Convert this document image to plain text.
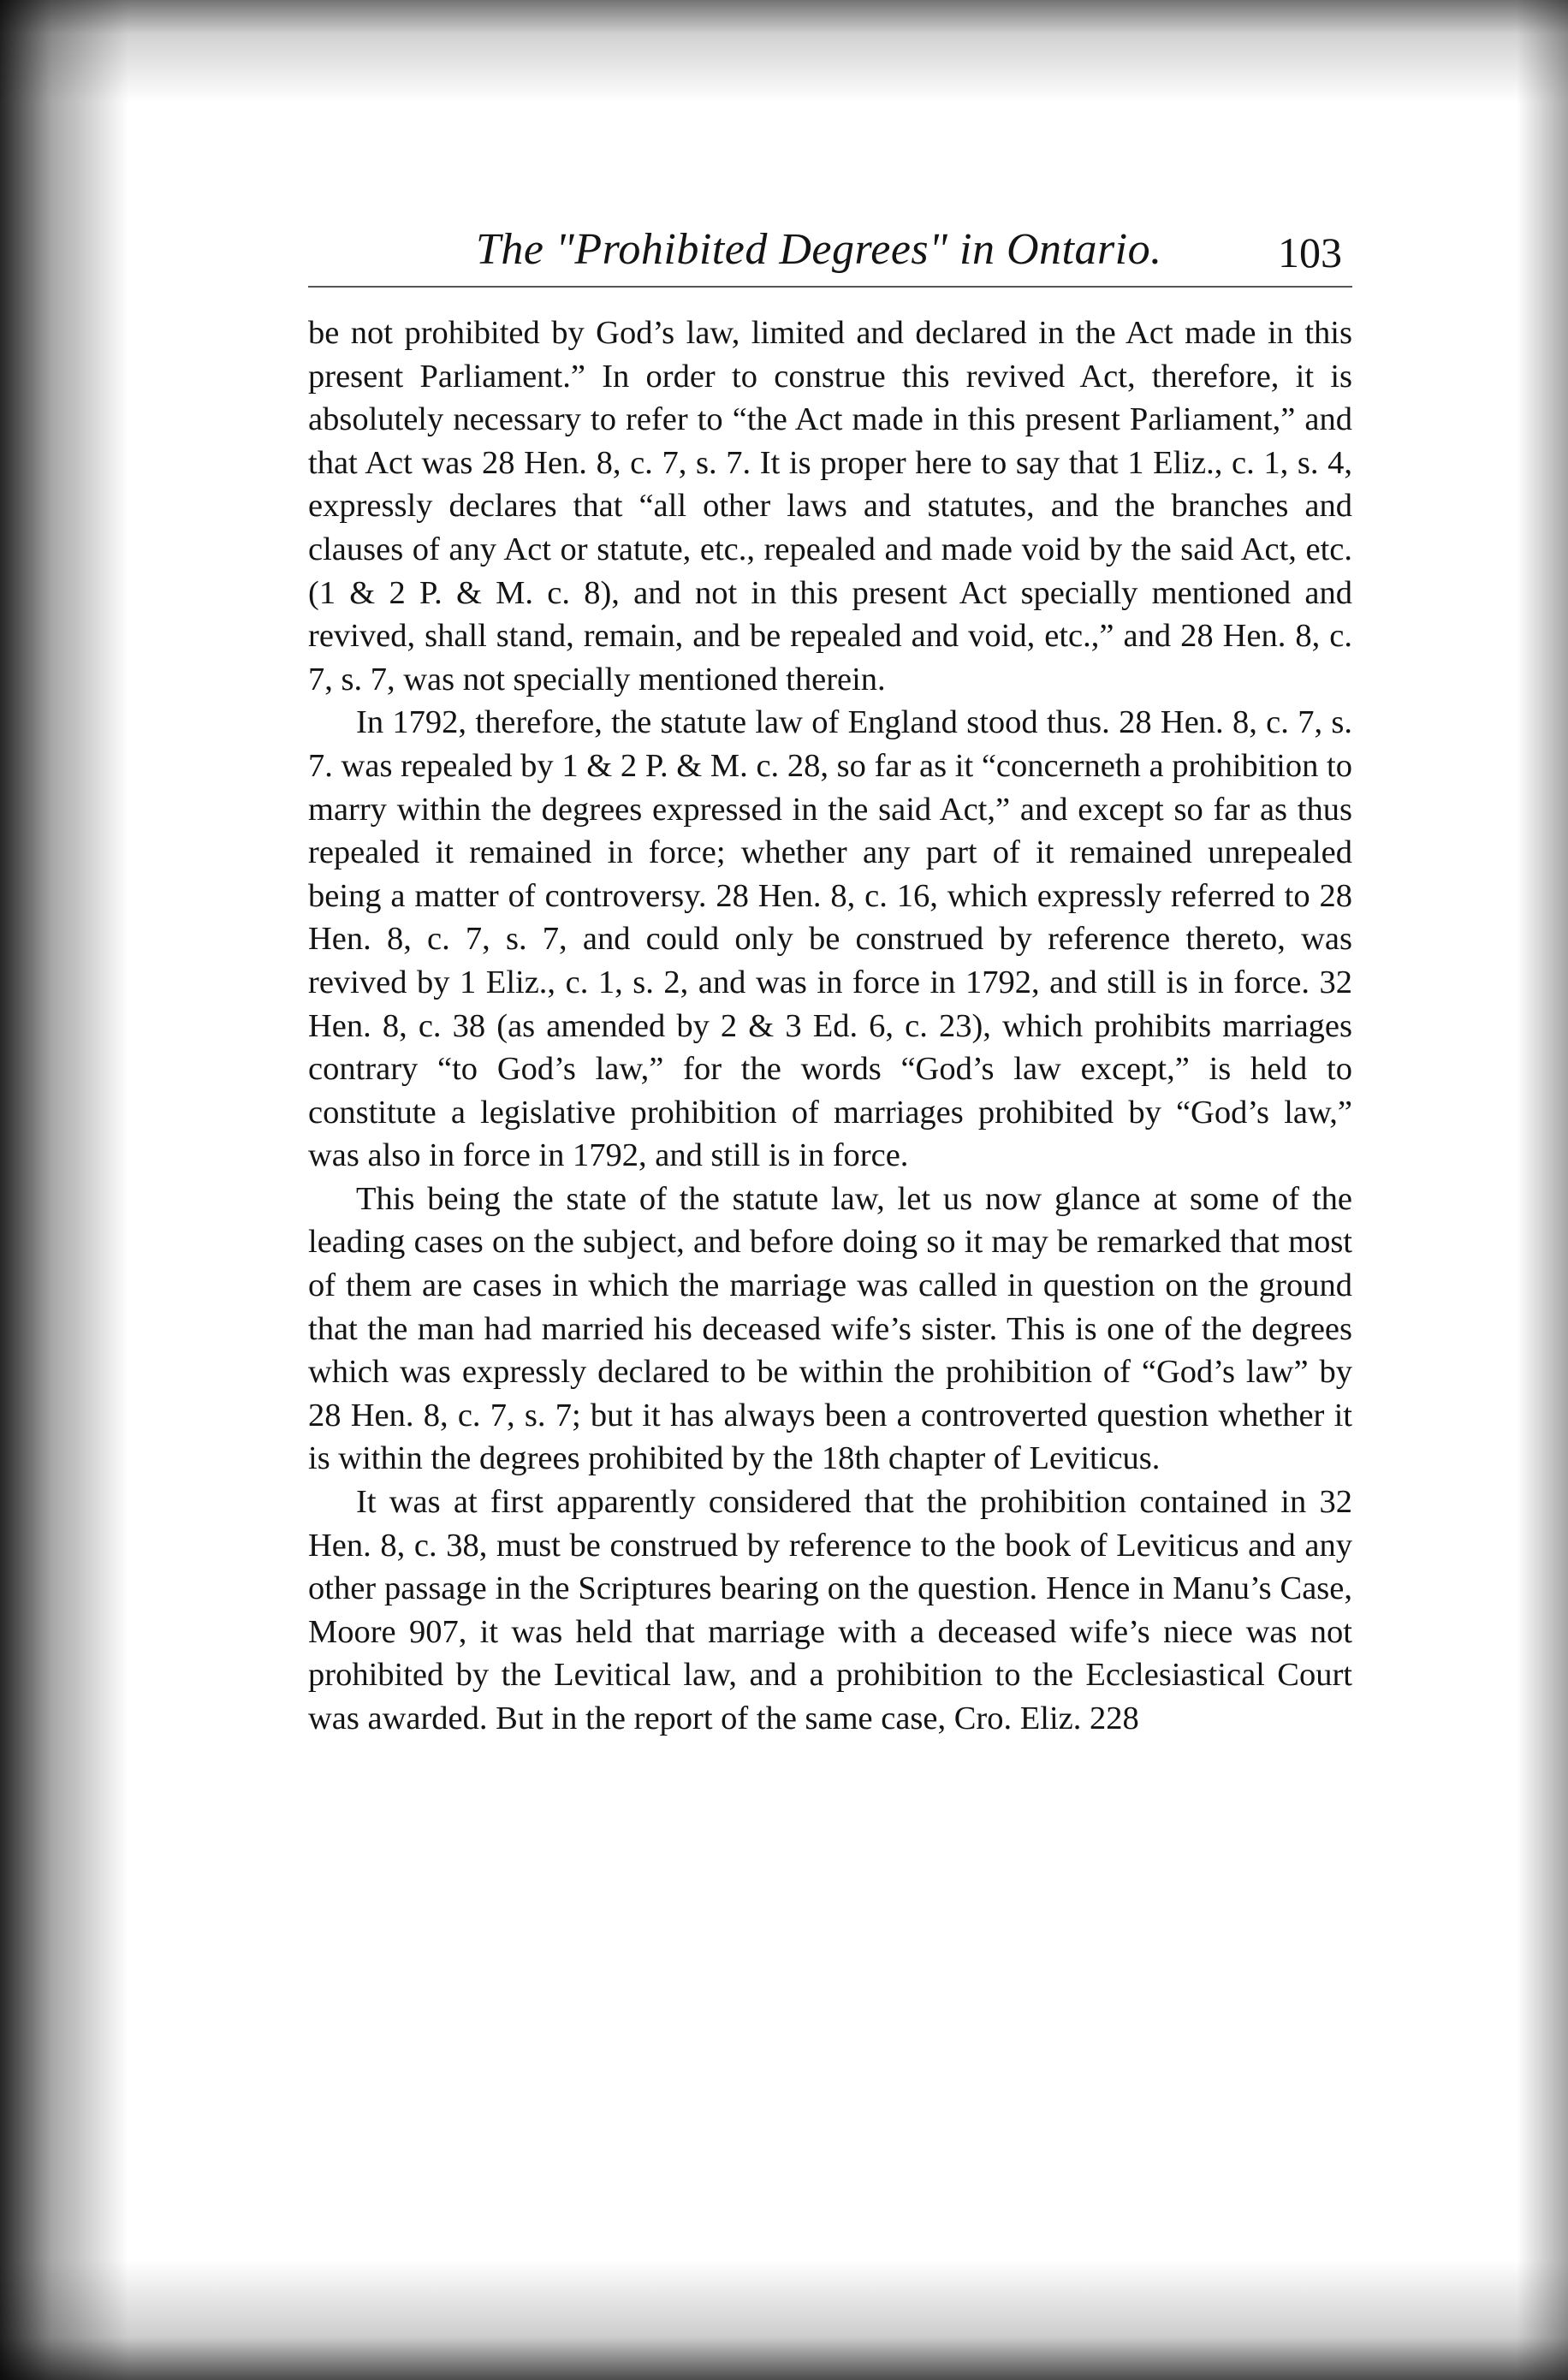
The "Prohibited Degrees" in Ontario.	103

be not prohibited by God’s law, limited and declared in the Act made in this present Parliament.” In order to construe this revived Act, therefore, it is absolutely necessary to refer to “the Act made in this present Parliament,” and that Act was 28 Hen. 8, c. 7, s. 7. It is proper here to say that 1 Eliz., c. 1, s. 4, expressly declares that “all other laws and statutes, and the branches and clauses of any Act or statute, etc., repealed and made void by the said Act, etc. (1 & 2 P. & M. c. 8), and not in this present Act specially mentioned and revived, shall stand, remain, and be repealed and void, etc.,” and 28 Hen. 8, c. 7, s. 7, was not specially mentioned therein.

In 1792, therefore, the statute law of England stood thus. 28 Hen. 8, c. 7, s. 7. was repealed by 1 & 2 P. & M. c. 28, so far as it “concerneth a prohibition to marry within the degrees expressed in the said Act,” and except so far as thus repealed it remained in force; whether any part of it remained unrepealed being a matter of controversy. 28 Hen. 8, c. 16, which expressly referred to 28 Hen. 8, c. 7, s. 7, and could only be construed by reference thereto, was revived by 1 Eliz., c. 1, s. 2, and was in force in 1792, and still is in force. 32 Hen. 8, c. 38 (as amended by 2 & 3 Ed. 6, c. 23), which prohibits marriages contrary “to God’s law,” for the words “God’s law except,” is held to constitute a legislative prohibition of marriages prohibited by “God’s law,” was also in force in 1792, and still is in force.

This being the state of the statute law, let us now glance at some of the leading cases on the subject, and before doing so it may be remarked that most of them are cases in which the marriage was called in question on the ground that the man had married his deceased wife’s sister. This is one of the degrees which was expressly declared to be within the prohibition of “God’s law” by 28 Hen. 8, c. 7, s. 7; but it has always been a controverted question whether it is within the degrees prohibited by the 18th chapter of Leviticus.

It was at first apparently considered that the prohibition contained in 32 Hen. 8, c. 38, must be construed by reference to the book of Leviticus and any other passage in the Scriptures bearing on the question. Hence in Manu’s Case, Moore 907, it was held that marriage with a deceased wife’s niece was not prohibited by the Levitical law, and a prohibition to the Ecclesiastical Court was awarded. But in the report of the same case, Cro. Eliz. 228
